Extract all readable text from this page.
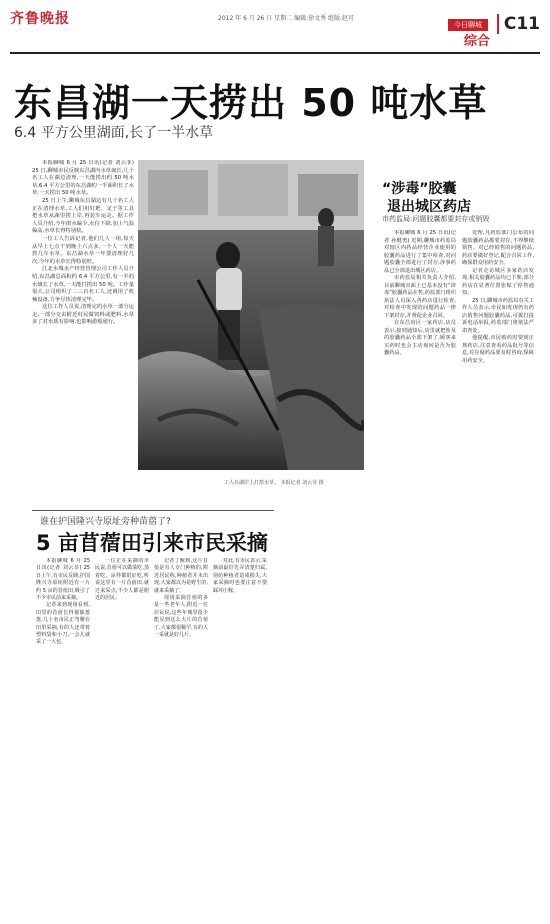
齐鲁晚报	2012 年 6 月 26 日 星期二 编辑:徐文秀 组版:赵可
今日聊城
综合
C11
东昌湖一天捞出 50 吨水草
6.4 平方公里湖面,长了一半水草

本报聊城 6 月 25 日讯(记者 刘云菲) 25 日,聊城市民反映东昌湖内水草疯长,几十名工人在湖边清理,一天能捞出约 50 吨水草,6.4 平方公里的东昌湖约一半面积长了水草,一天捞出 50 吨水草。

25 日上午,聊城东昌湖边有几十名工人正在清理水草,工人们用钉耙、叉子等工具把水草从湖里捞上岸,再装车运走。据工作人员介绍,今年雨水偏少,水位下降,加上气温偏高,水草长得特别快。

一位工人告诉记者,他们几人一组,每天从早上七点干到晚上六点多,一个人一天能捞几车水草。东昌湖水草一年要清理好几次,今年的水草长得特别旺。

江北水城水产经营管理公司工作人员介绍,东昌湖总面积约 6.4 平方公里,有一半的水域长了水草,一天能打捞出 50 吨。工作量很大,公司组织了二三百名工人,还调用了机械设备,力争尽快清理完毕。

这位工作人员说,清理完的水草一部分运走,一部分交由附近村民做饲料或肥料,水草多了对水质有影响,也影响游船通行。

工人在湖岸上打捞水草。 本报记者 刘云菲 摄
“涉毒”胶囊
退出城区药店
市药监局:问题胶囊都要封存或销毁

本报聊城 6 月 25 日讯(记者 孙健勇) 近期,聊城市药监局对辖区内药品经营企业使用的胶囊药品进行了集中检查,对问题胶囊全部进行了封存,涉事药品已全部退出城区药店。

市药监局相关负责人介绍,目前聊城市面上已基本没有“涉毒”胶囊药品在售,药监部门组织执法人员深入各药店进行检查,对检查中发现的问题药品一律下架封存,并督促企业召回。

在东昌府区一家药店,店员表示,接到通知后,店里就把涉及的胶囊药品全部下架了,顾客来买药时也会主动询问是否为胶囊药品。

处理,凡药监部门公布的问题胶囊药品都要封存,不得继续销售。对已经销售的问题药品,药店要做好登记,配合召回工作,确保群众用药安全。

记者走访城区多家药店发现,相关胶囊药品均已下架,部分药店在显著位置张贴了停售通知。

25 日,聊城市药监局有关工作人员表示,市民如发现仍有药店销售问题胶囊药品,可拨打投诉电话举报,药监部门将依法严肃查处。

他提醒,市民购药时要到正规药店,注意查看药品批号等信息,对存疑药品要及时咨询,保障用药安全。

谁在护国隆兴寺原址旁种苗蓿了?
5 亩苜蓿田引来市民采摘

本报聊城 6 月 25 日讯(记者 刘云菲) 25 日上午,有市民反映,护国隆兴寺原址附近有一片约 5 亩的苜蓿田,吸引了不少市民前来采摘。

记者来到现场看到,田里的苜蓿长得郁郁葱葱,几十名市民正弯腰在田里采摘,有的人还带着塑料袋和小刀,一会儿就采了一大包。

一位正在采摘的市民说,苜蓿可以做菜吃,蒸着吃、凉拌都很好吃,听说这里有一片苜蓿田,就过来采点,不少人都是附近的居民。

记者了解到,这片苜蓿是有人专门种植的,附近居民称,种植者并未出现,大家都以为是野生的,就来采摘了。

现场采摘苜蓿的多是一些老年人,附近一位居民说,这些年城里很少能见到这么大片的苜蓿了,大家都很稀罕,有的人一采就是好几斤。

对此,有市民表示,采摘前最好先弄清楚归属,别给种植者造成损失,大家采摘时也要注意不要踩坏庄稼。
